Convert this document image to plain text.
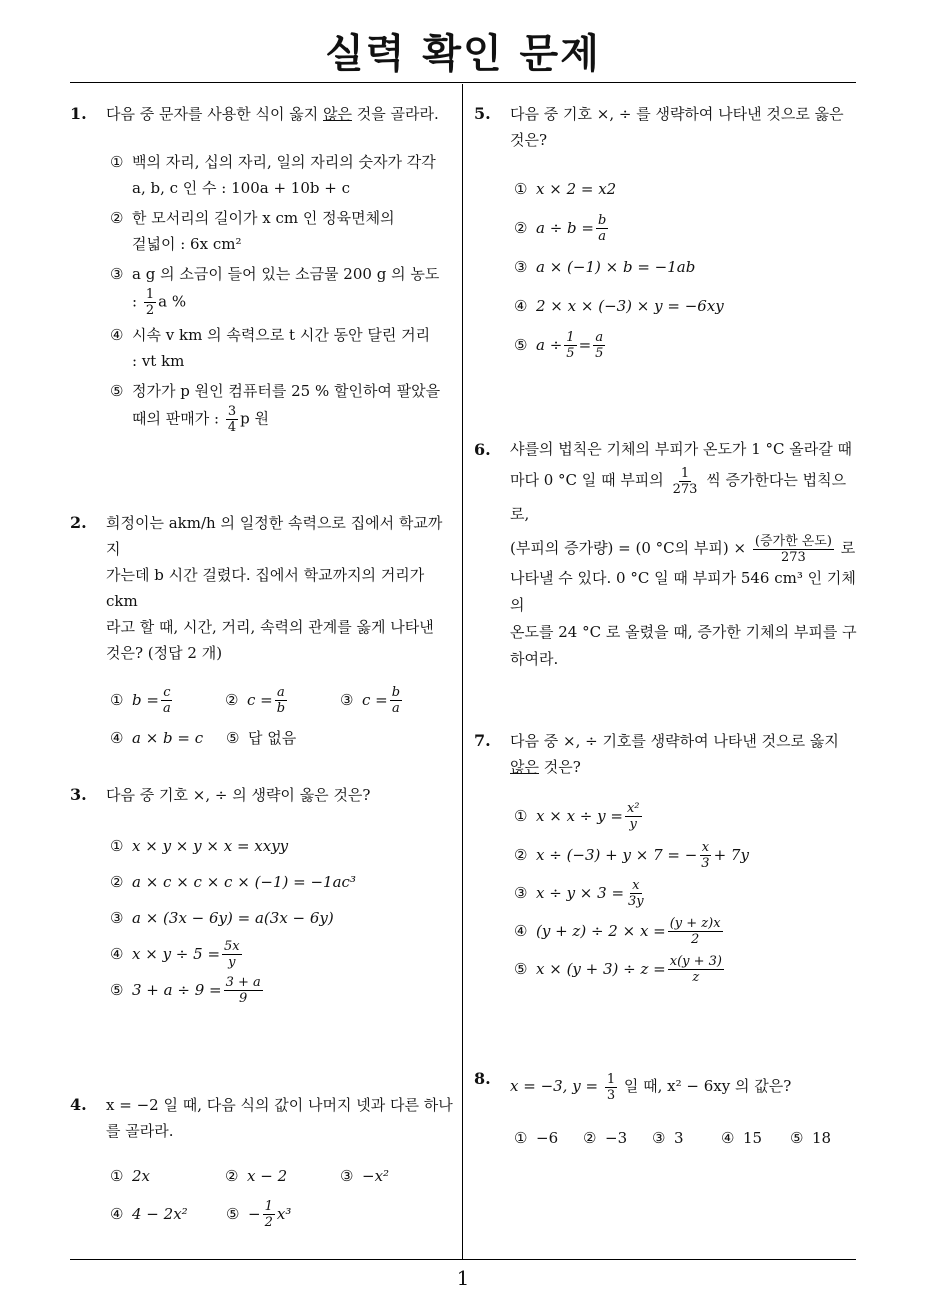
실력 확인 문제
1
1. 다음 중 문자를 사용한 식이 옳지 않은 것을 골라라.
① 백의 자리, 십의 자리, 일의 자리의 숫자가 각각
a, b, c 인 수 : 100a + 10b + c
② 한 모서리의 길이가 x cm 인 정육면체의
겉넓이 : 6x cm²
③ a g 의 소금이 들어 있는 소금물 200 g 의 농도
: $\frac{1}{2}$ a %
④ 시속 v km 의 속력으로 t 시간 동안 달린 거리
: vt km
⑤ 정가가 p 원인 컴퓨터를 25 % 할인하여 팔았을
때의 판매가 : $\frac{3}{4}$ p 원
2. 희정이는 akm/h 의 일정한 속력으로 집에서 학교까지
가는데 b 시간 걸렸다. 집에서 학교까지의 거리가 ckm
라고 할 때, 시간, 거리, 속력의 관계를 옳게 나타낸
것은? (정답 2 개)
① $b = \frac{c}{a}$	② $c = \frac{a}{b}$	③ $c = \frac{b}{a}$
④ a × b = c ⑤ 답 없음
3. 다음 중 기호 ×, ÷ 의 생략이 옳은 것은?
① x × y × y × x = xxyy
② a × c × c × c × (−1) = −1ac³
③ a × (3x − 6y) = a(3x − 6y)
④ $x \times y \div 5 = \frac{5x}{y}$
⑤ $3 + a \div 9 = \frac{3 + a}{9}$
4. x = −2 일 때, 다음 식의 값이 나머지 넷과 다른 하나
를 골라라.
① 2x	② x − 2	③ −x²
④ 4 − 2x²	⑤ − $\frac{1}{2} x^3$
5. 다음 중 기호 ×, ÷ 를 생략하여 나타낸 것으로 옳은
것은?
① x × 2 = x2
② $a \div b = \frac{b}{a}$
③ a × (−1) × b = −1ab
④ 2 × x × (−3) × y = −6xy
⑤ $a \div \frac{1}{5} = \frac{a}{5}$
6. 샤를의 법칙은 기체의 부피가 온도가 1 °C 올라갈 때
마다 0 °C 일 때 부피의 $\frac{1}{273}$ 씩 증가한다는 법칙으로,
(부피의 증가량) = (0 °C의 부피) × $\frac{\text{(증가한 온도)}}{273}$ 로
나타낼 수 있다. 0 °C 일 때 부피가 546 cm³ 인 기체의
온도를 24 °C 로 올렸을 때, 증가한 기체의 부피를 구
하여라.
7. 다음 중 ×, ÷ 기호를 생략하여 나타낸 것으로 옳지
않은 것은?
① $x \times x \div y = \frac{\text{x²}}{y}$
② x ÷ (−3) + y × 7 = − $\frac{x}{3} + 7y$
③ $x \div y \times 3 = \frac{x}{3y}$
④ $(y + z) \div 2 \times x = \frac{(y + z)x}{2}$
⑤ $x \times (y + 3) \div z = \frac{x(y + 3)}{z}$
8. x = −3, $y = \frac{1}{3}$ 일 때, x² − 6xy 의 값은?
① −6 ② −3 ③ 3 ④ 15 ⑤ 18
